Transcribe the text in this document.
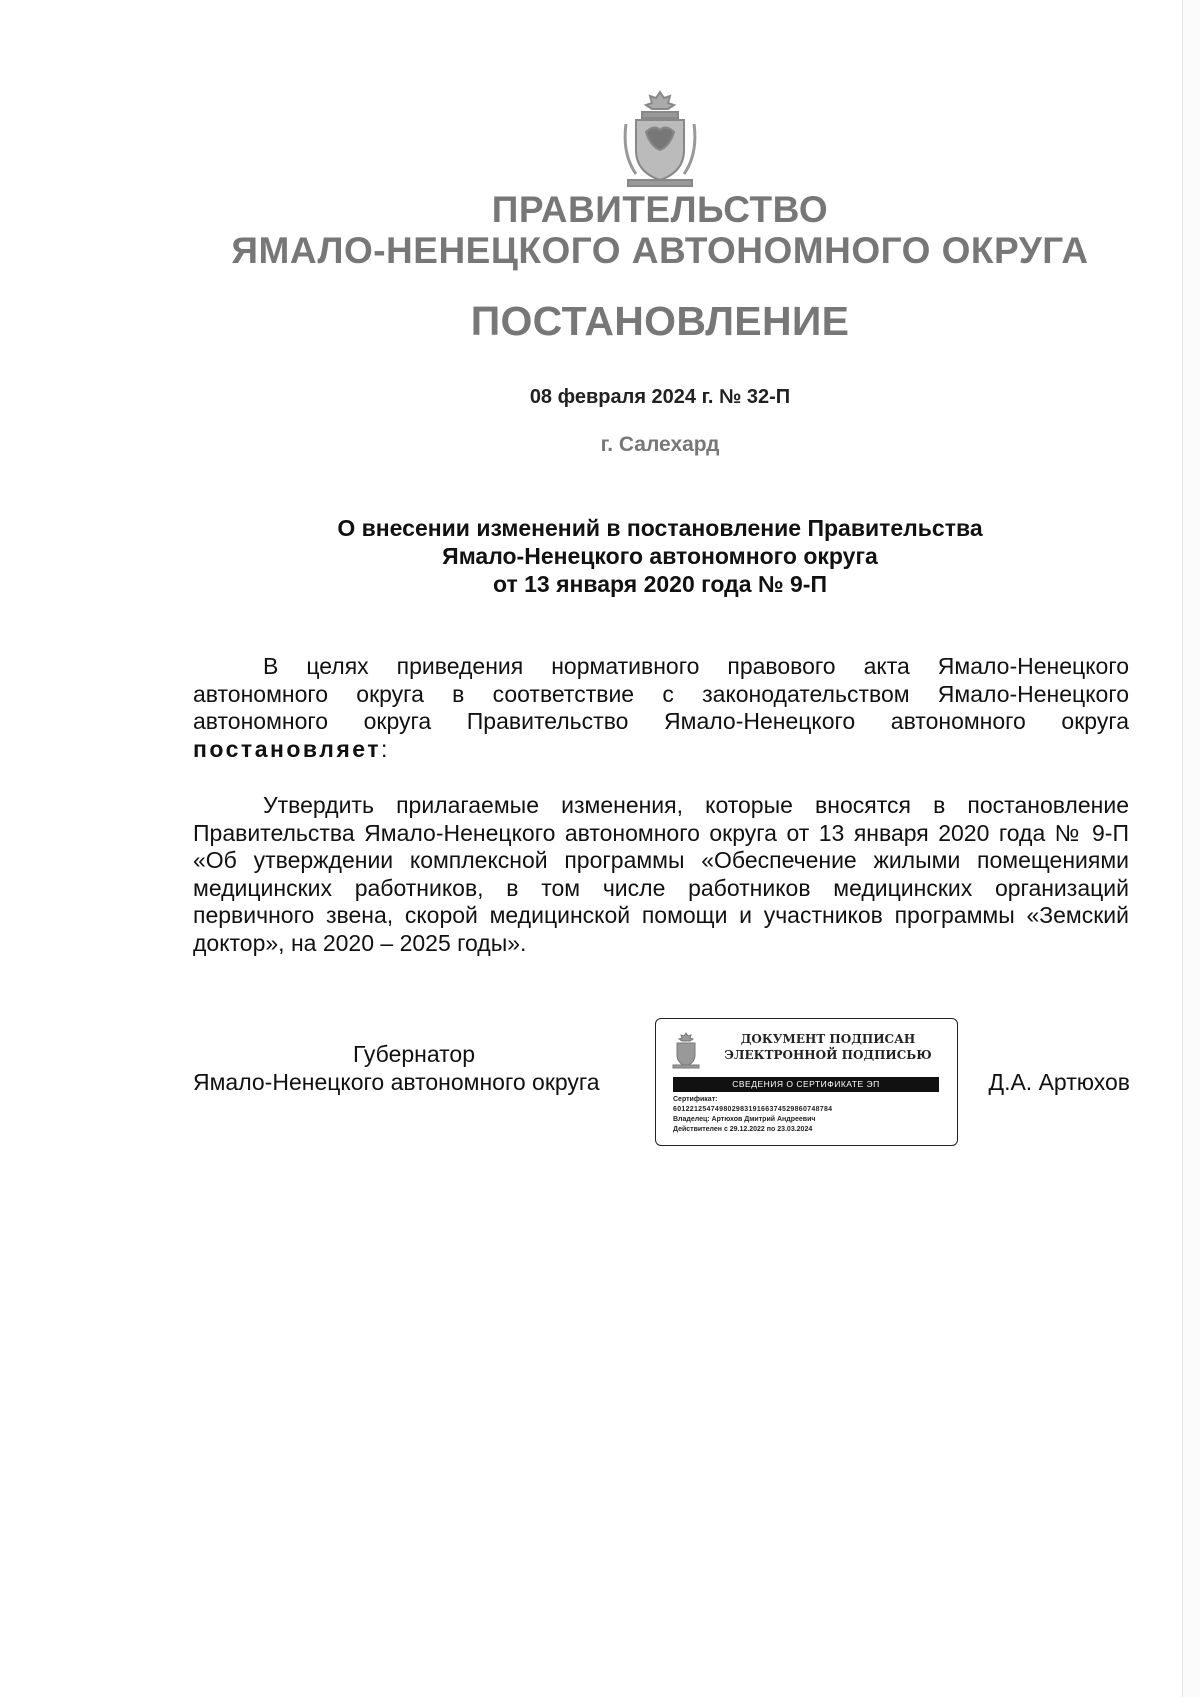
ПРАВИТЕЛЬСТВО
ЯМАЛО-НЕНЕЦКОГО АВТОНОМНОГО ОКРУГА
ПОСТАНОВЛЕНИЕ
08 февраля 2024 г. № 32-П
г. Салехард
О внесении изменений в постановление Правительства
Ямало-Ненецкого автономного округа
от 13 января 2020 года № 9-П
В целях приведения нормативного правового акта Ямало-Ненецкого автономного округа в соответствие с законодательством Ямало-Ненецкого автономного округа Правительство Ямало-Ненецкого автономного округа постановляет:
Утвердить прилагаемые изменения, которые вносятся в постановление Правительства Ямало-Ненецкого автономного округа от 13 января 2020 года № 9-П «Об утверждении комплексной программы «Обеспечение жилыми помещениями медицинских работников, в том числе работников медицинских организаций первичного звена, скорой медицинской помощи и участников программы «Земский доктор», на 2020 – 2025 годы».
Губернатор
Ямало-Ненецкого автономного округа
ДОКУМЕНТ ПОДПИСАН
ЭЛЕКТРОННОЙ ПОДПИСЬЮ
СВЕДЕНИЯ О СЕРТИФИКАТЕ ЭП
Сертификат:
601221254749802983191663745298607487​84
Владелец: Артюхов Дмитрий Андреевич
Действителен с 29.12.2022 по 23.03.2024
Д.А. Артюхов
